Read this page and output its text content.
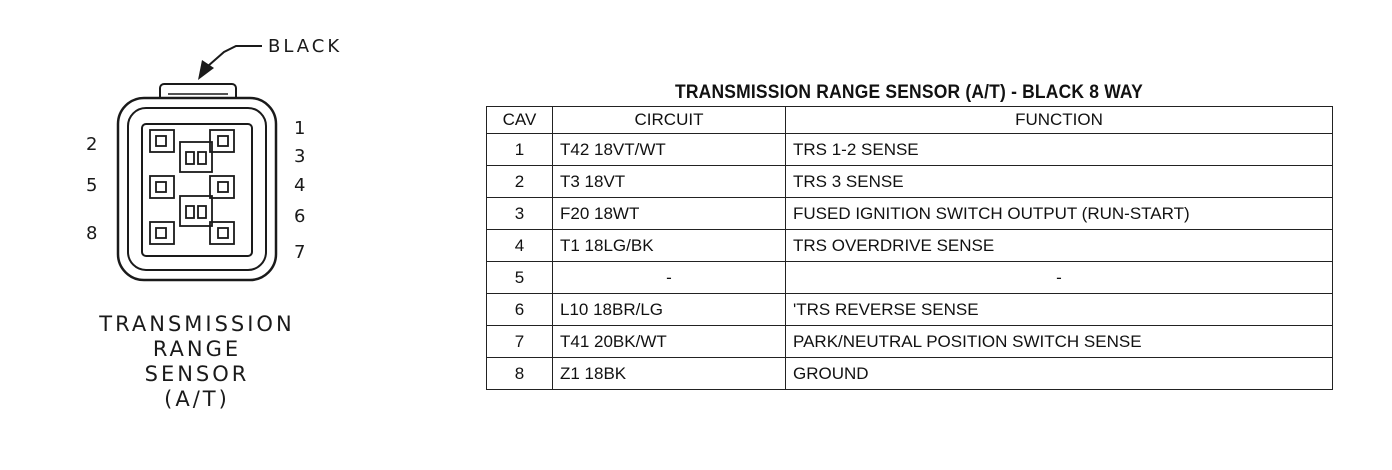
BLACK
2
5
8
1
3
4
6
7
TRANSMISSION
RANGE
SENSOR
(A/T)
TRANSMISSION RANGE SENSOR (A/T) - BLACK 8 WAY
CAV	CIRCUIT	FUNCTION
1	T42 18VT/WT	TRS 1-2 SENSE
2	T3 18VT	TRS 3 SENSE
3	F20 18WT	FUSED IGNITION SWITCH OUTPUT (RUN-START)
4	T1 18LG/BK	TRS OVERDRIVE SENSE
5	-	-
6	L10 18BR/LG	'TRS REVERSE SENSE
7	T41 20BK/WT	PARK/NEUTRAL POSITION SWITCH SENSE
8	Z1 18BK	GROUND
